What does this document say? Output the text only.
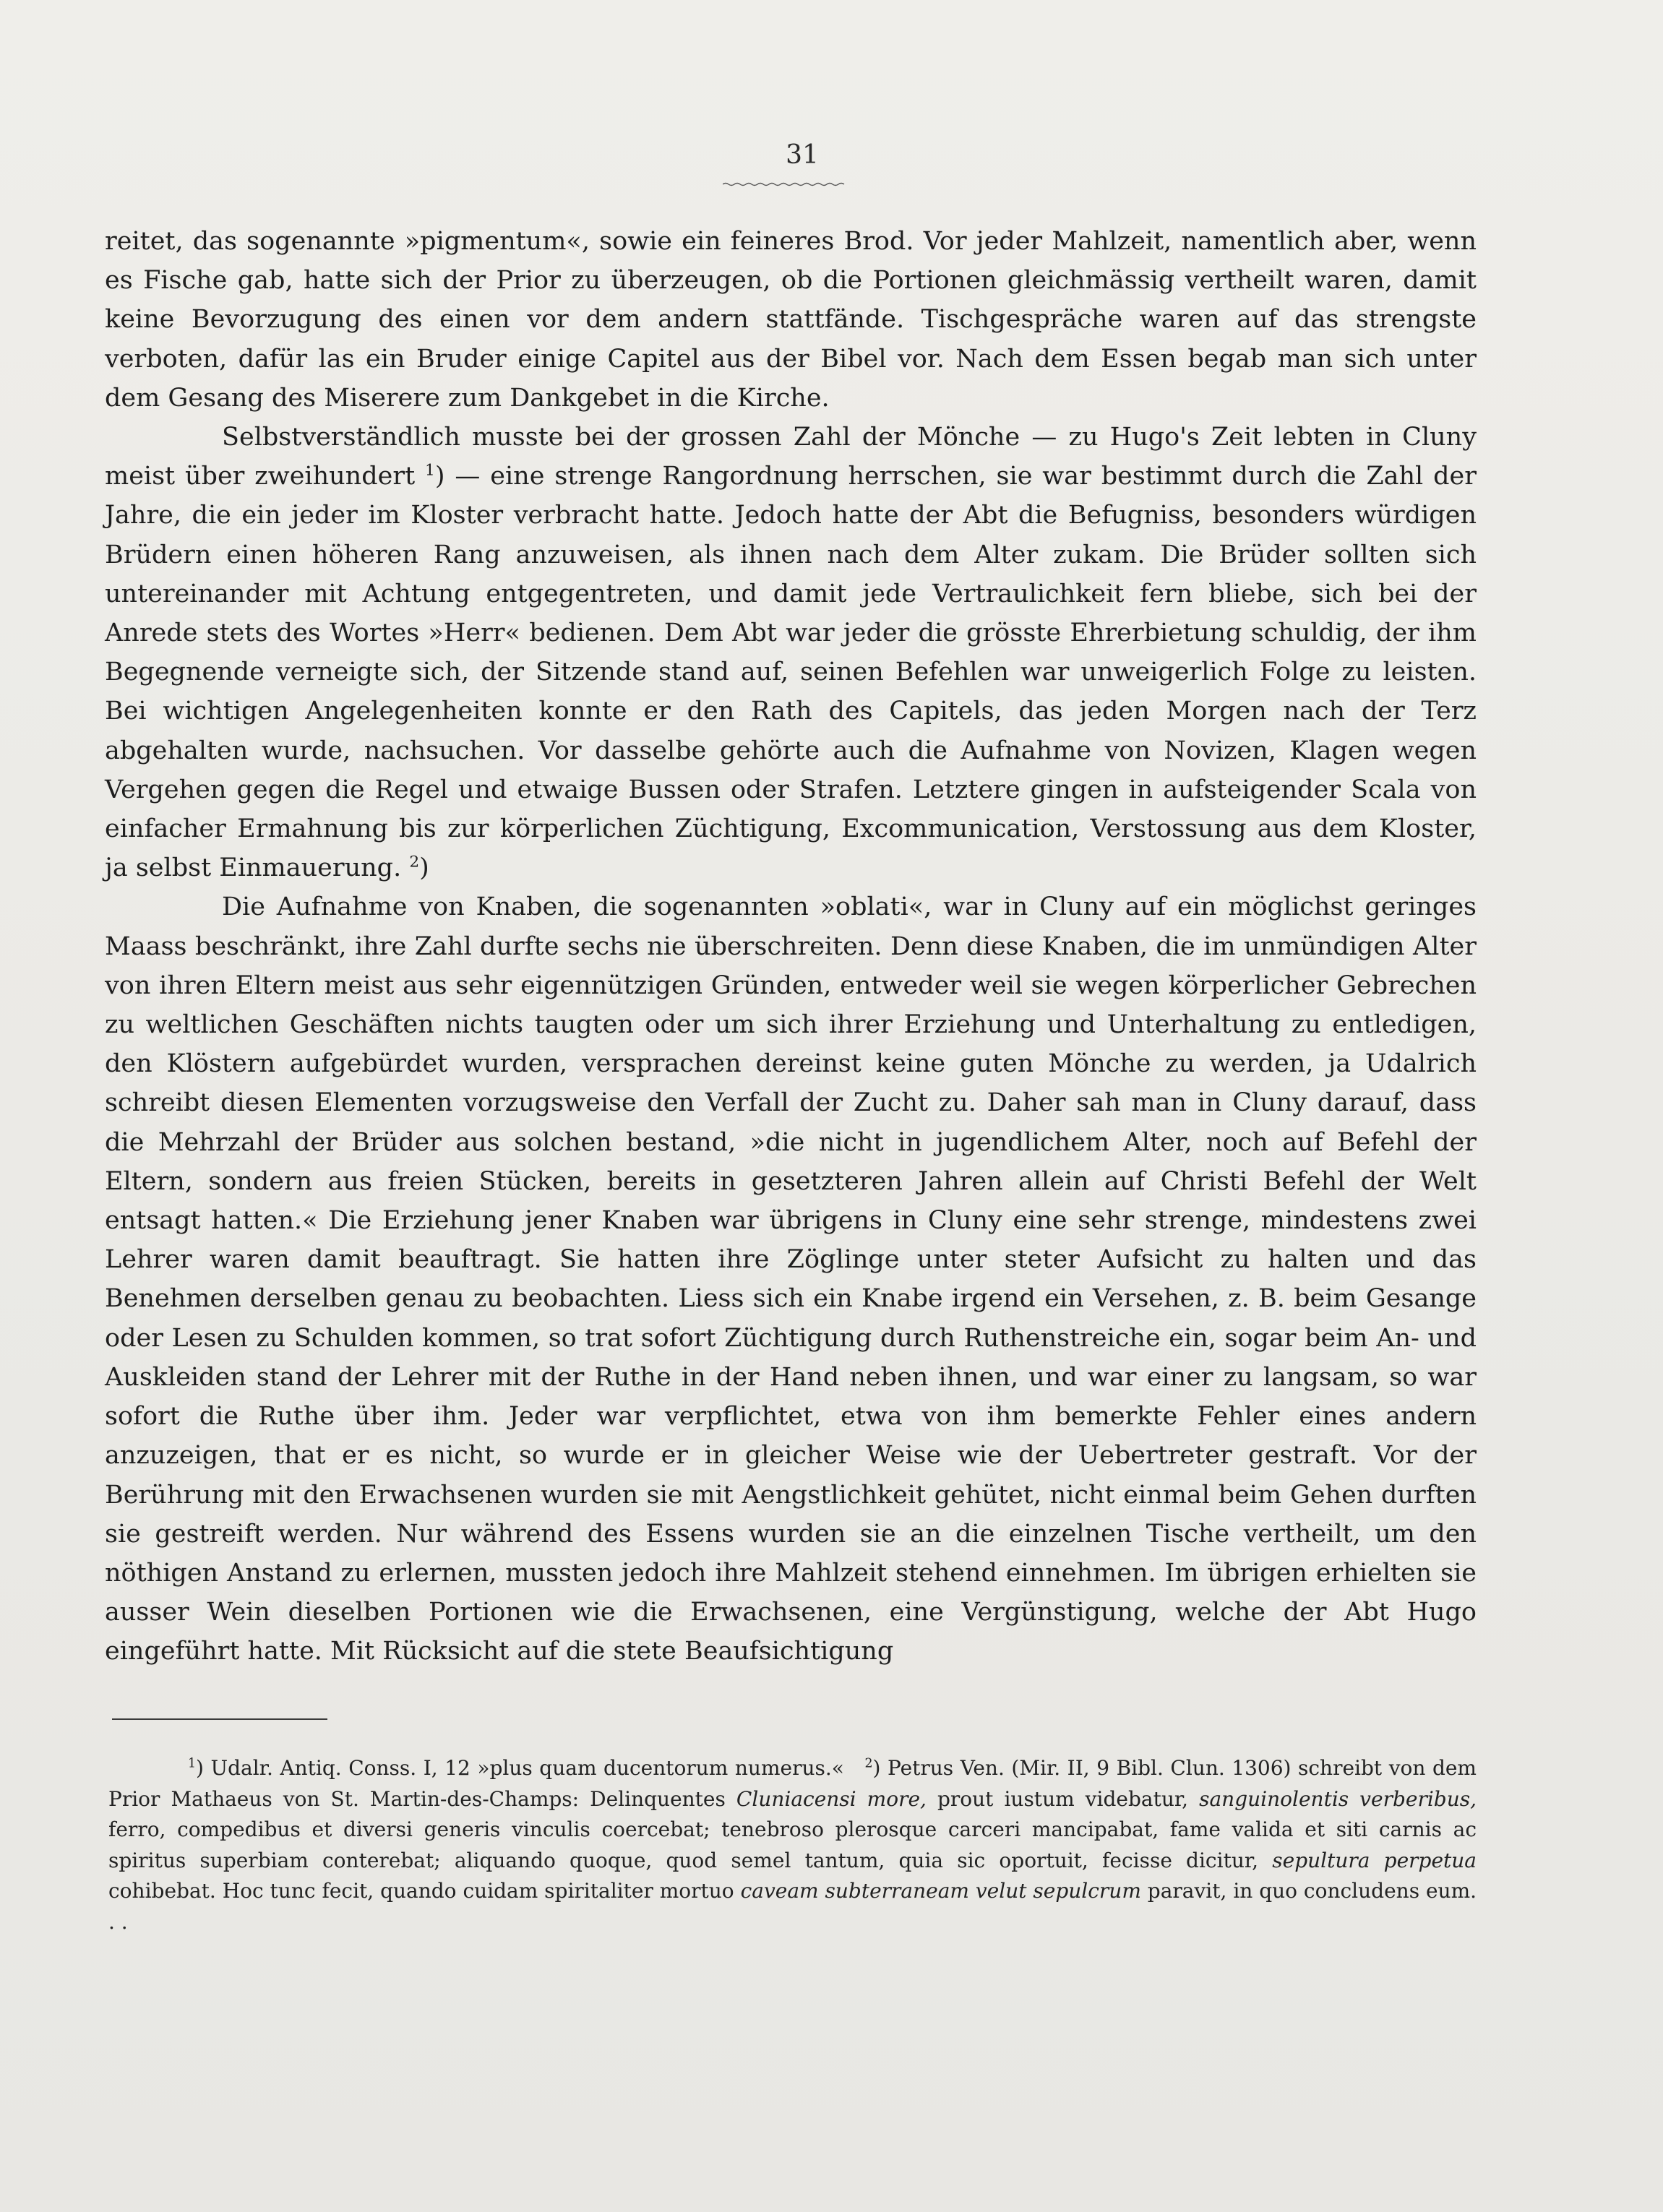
31

reitet, das sogenannte »pigmentum«, sowie ein feineres Brod. Vor jeder Mahlzeit, namentlich aber, wenn es Fische gab, hatte sich der Prior zu überzeugen, ob die Portionen gleichmässig vertheilt waren, damit keine Bevorzugung des einen vor dem andern stattfände. Tischgespräche waren auf das strengste verboten, dafür las ein Bruder einige Capitel aus der Bibel vor. Nach dem Essen begab man sich unter dem Gesang des Miserere zum Dankgebet in die Kirche.

Selbstverständlich musste bei der grossen Zahl der Mönche — zu Hugo's Zeit lebten in Cluny meist über zweihundert $^1$) — eine strenge Rangordnung herrschen, sie war bestimmt durch die Zahl der Jahre, die ein jeder im Kloster verbracht hatte. Jedoch hatte der Abt die Befugniss, besonders würdigen Brüdern einen höheren Rang anzuweisen, als ihnen nach dem Alter zukam. Die Brüder sollten sich untereinander mit Achtung entgegentreten, und damit jede Vertraulichkeit fern bliebe, sich bei der Anrede stets des Wortes »Herr« bedienen. Dem Abt war jeder die grösste Ehrerbietung schuldig, der ihm Begegnende verneigte sich, der Sitzende stand auf, seinen Befehlen war unweigerlich Folge zu leisten. Bei wichtigen Angelegenheiten konnte er den Rath des Capitels, das jeden Morgen nach der Terz abgehalten wurde, nachsuchen. Vor dasselbe gehörte auch die Aufnahme von Novizen, Klagen wegen Vergehen gegen die Regel und etwaige Bussen oder Strafen. Letztere gingen in aufsteigender Scala von einfacher Ermahnung bis zur körperlichen Züchtigung, Excommunication, Verstossung aus dem Kloster, ja selbst Einmauerung. $^2$)

Die Aufnahme von Knaben, die sogenannten »oblati«, war in Cluny auf ein möglichst geringes Maass beschränkt, ihre Zahl durfte sechs nie überschreiten. Denn diese Knaben, die im unmündigen Alter von ihren Eltern meist aus sehr eigennützigen Gründen, entweder weil sie wegen körperlicher Gebrechen zu weltlichen Geschäften nichts taugten oder um sich ihrer Erziehung und Unterhaltung zu entledigen, den Klöstern aufgebürdet wurden, versprachen dereinst keine guten Mönche zu werden, ja Udalrich schreibt diesen Elementen vorzugsweise den Verfall der Zucht zu. Daher sah man in Cluny darauf, dass die Mehrzahl der Brüder aus solchen bestand, »die nicht in jugendlichem Alter, noch auf Befehl der Eltern, sondern aus freien Stücken, bereits in gesetzteren Jahren allein auf Christi Befehl der Welt entsagt hatten.« Die Erziehung jener Knaben war übrigens in Cluny eine sehr strenge, mindestens zwei Lehrer waren damit beauftragt. Sie hatten ihre Zöglinge unter steter Aufsicht zu halten und das Benehmen derselben genau zu beobachten. Liess sich ein Knabe irgend ein Versehen, z. B. beim Gesange oder Lesen zu Schulden kommen, so trat sofort Züchtigung durch Ruthenstreiche ein, sogar beim An- und Auskleiden stand der Lehrer mit der Ruthe in der Hand neben ihnen, und war einer zu langsam, so war sofort die Ruthe über ihm. Jeder war verpflichtet, etwa von ihm bemerkte Fehler eines andern anzuzeigen, that er es nicht, so wurde er in gleicher Weise wie der Uebertreter gestraft. Vor der Berührung mit den Erwachsenen wurden sie mit Aengstlichkeit gehütet, nicht einmal beim Gehen durften sie gestreift werden. Nur während des Essens wurden sie an die einzelnen Tische vertheilt, um den nöthigen Anstand zu erlernen, mussten jedoch ihre Mahlzeit stehend einnehmen. Im übrigen erhielten sie ausser Wein dieselben Portionen wie die Erwachsenen, eine Vergünstigung, welche der Abt Hugo eingeführt hatte. Mit Rücksicht auf die stete Beaufsichtigung

$^1$) Udalr. Antiq. Conss. I, 12 »plus quam ducentorum numerus.« $^2$) Petrus Ven. (Mir. II, 9 Bibl. Clun. 1306) schreibt von dem Prior Mathaeus von St. Martin-des-Champs: Delinquentes Cluniacensi more, prout iustum videbatur, sanguinolentis verberibus, ferro, compedibus et diversi generis vinculis coercebat; tenebroso plerosque carceri mancipabat, fame valida et siti carnis ac spiritus superbiam conterebat; aliquando quoque, quod semel tantum, quia sic oportuit, fecisse dicitur, sepultura perpetua cohibebat. Hoc tunc fecit, quando cuidam spiritaliter mortuo caveam subterraneam velut sepulcrum paravit, in quo concludens eum. . .
